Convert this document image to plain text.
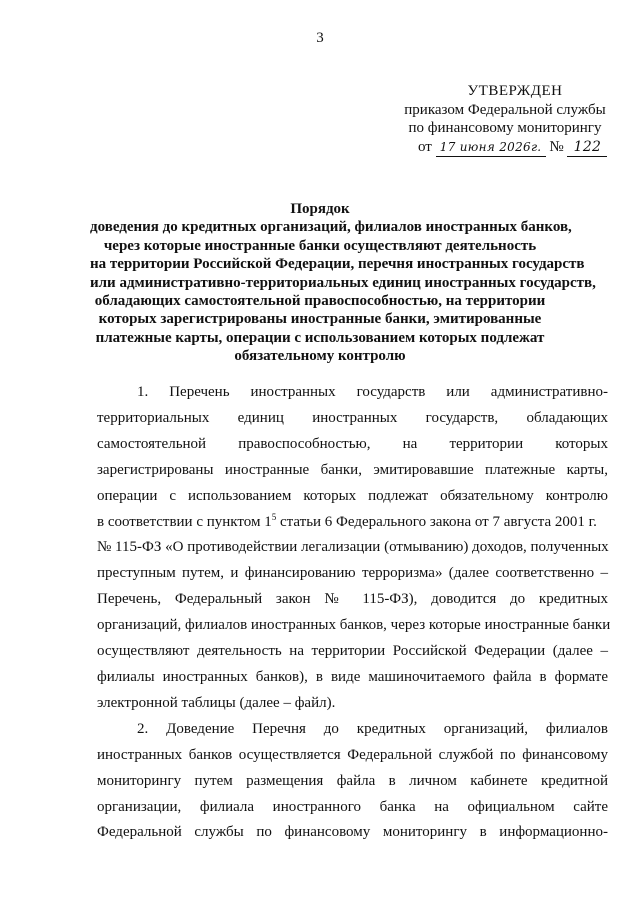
3
УТВЕРЖДЕН
приказом Федеральной службы
по финансовому мониторингу
от 17 июня 2026г. № 122
Порядок
доведения до кредитных организаций, филиалов иностранных банков,
через которые иностранные банки осуществляют деятельность
на территории Российской Федерации, перечня иностранных государств
или административно-территориальных единиц иностранных государств,
обладающих самостоятельной правоспособностью, на территории
которых зарегистрированы иностранные банки, эмитированные
платежные карты, операции с использованием которых подлежат
обязательному контролю
1. Перечень иностранных государств или административно-
территориальных единиц иностранных государств, обладающих
самостоятельной правоспособностью, на территории которых
зарегистрированы иностранные банки, эмитировавшие платежные карты,
операции с использованием которых подлежат обязательному контролю
в соответствии с пунктом $1^5$ статьи 6 Федерального закона от 7 августа 2001 г.
№ 115-ФЗ «О противодействии легализации (отмыванию) доходов, полученных
преступным путем, и финансированию терроризма» (далее соответственно –
Перечень, Федеральный закон № 115-ФЗ), доводится до кредитных
организаций, филиалов иностранных банков, через которые иностранные банки
осуществляют деятельность на территории Российской Федерации (далее –
филиалы иностранных банков), в виде машиночитаемого файла в формате
электронной таблицы (далее – файл).
2. Доведение Перечня до кредитных организаций, филиалов
иностранных банков осуществляется Федеральной службой по финансовому
мониторингу путем размещения файла в личном кабинете кредитной
организации, филиала иностранного банка на официальном сайте
Федеральной службы по финансовому мониторингу в информационно-
